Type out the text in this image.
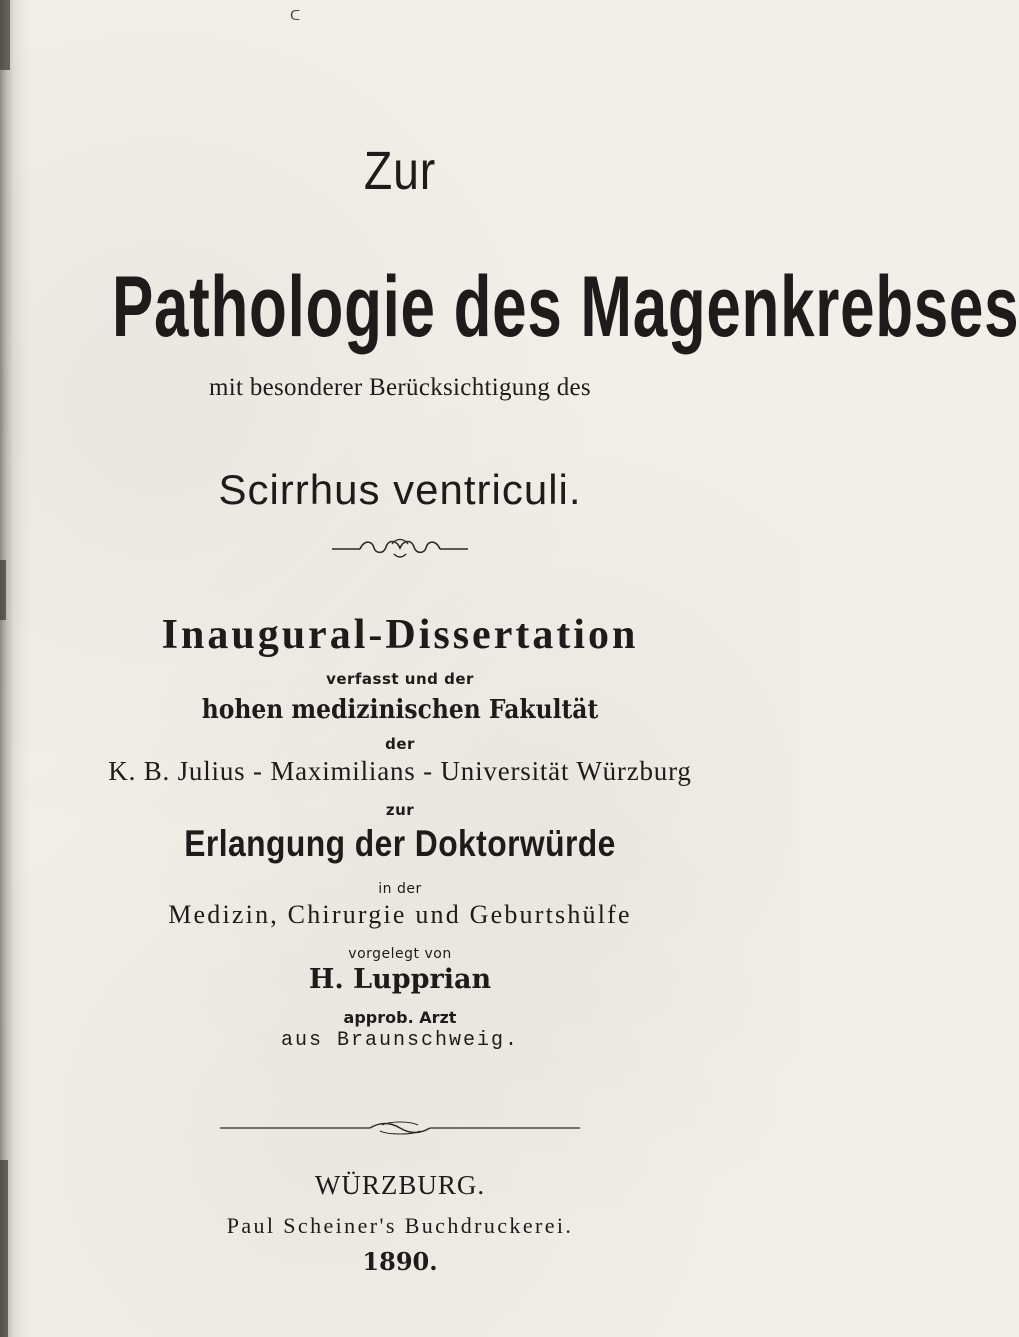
ᑕ
Zur
Pathologie des Magenkrebses
mit besonderer Berücksichtigung des
Scirrhus ventriculi.
Inaugural-Dissertation
verfasst und der
hohen medizinischen Fakultät
der
K. B. Julius - Maximilians - Universität Würzburg
zur
Erlangung der Doktorwürde
in der
Medizin, Chirurgie und Geburtshülfe
vorgelegt von
H. Lupprian
approb. Arzt
aus Braunschweig.
WÜRZBURG.
Paul Scheiner's Buchdruckerei.
1890.
